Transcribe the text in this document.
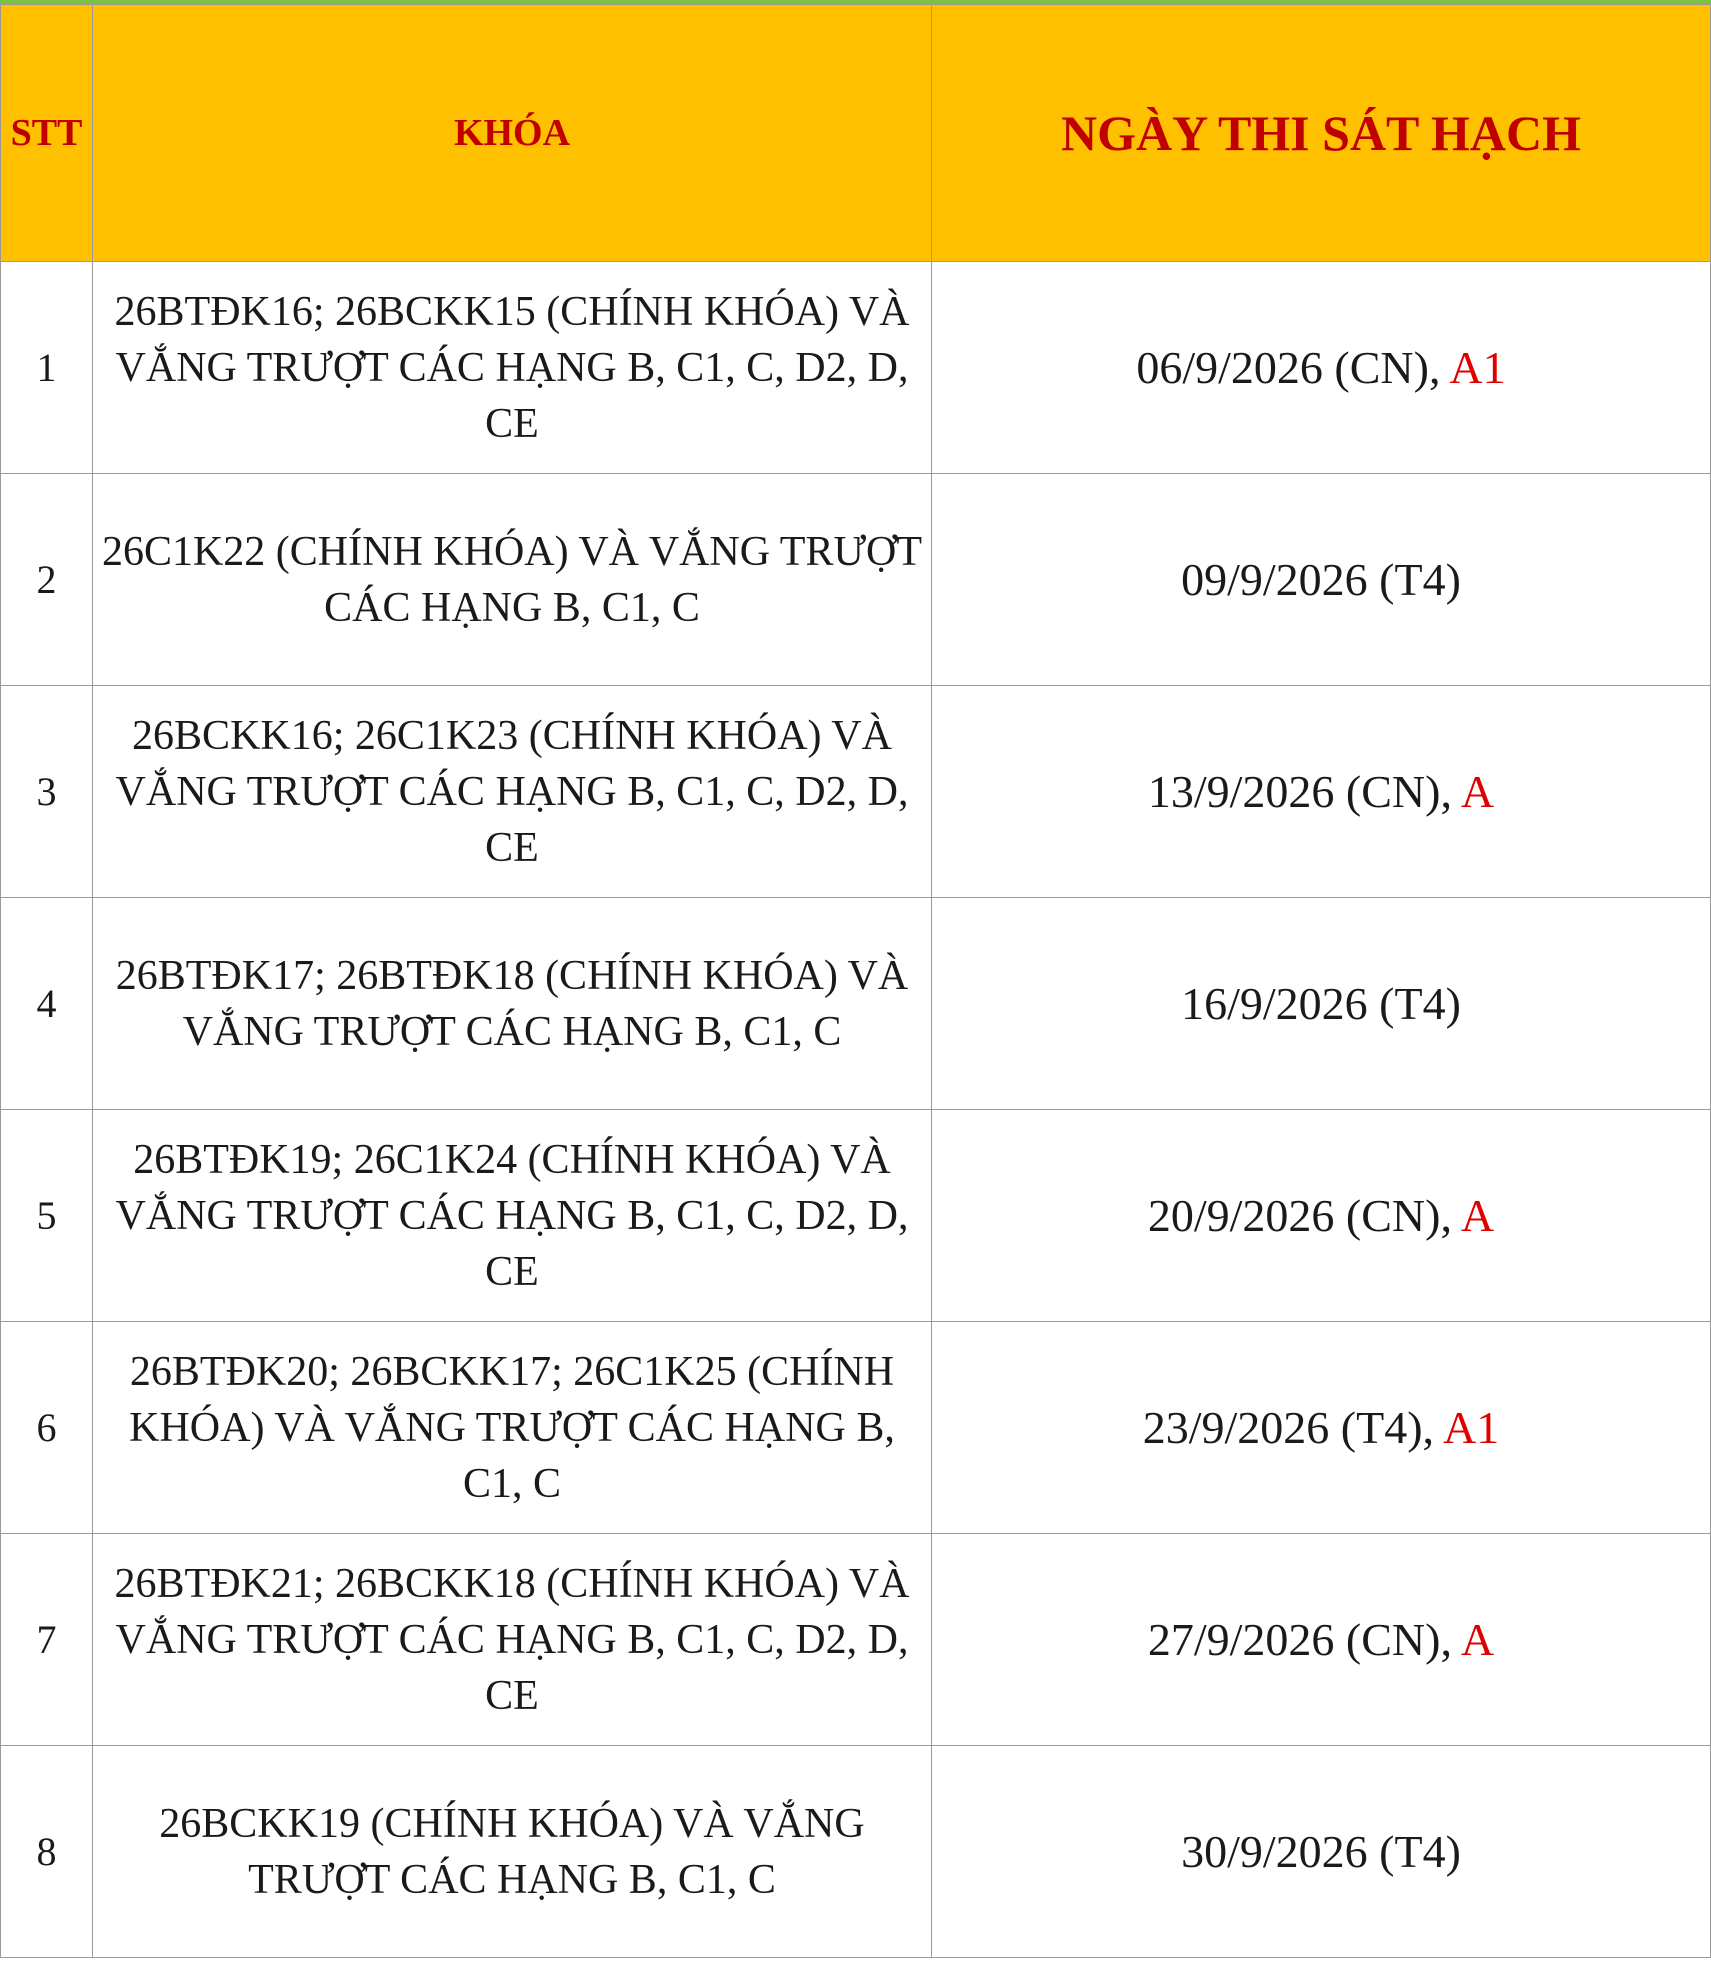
STT	KHÓA	NGÀY THI SÁT HẠCH
1	26BTĐK16; 26BCKK15 (CHÍNH KHÓA) VÀ VẮNG TRƯỢT CÁC HẠNG B, C1, C, D2, D, CE	06/9/2026 (CN), A1
2	26C1K22 (CHÍNH KHÓA) VÀ VẮNG TRƯỢT CÁC HẠNG B, C1, C	09/9/2026 (T4)
3	26BCKK16; 26C1K23 (CHÍNH KHÓA) VÀ VẮNG TRƯỢT CÁC HẠNG B, C1, C, D2, D, CE	13/9/2026 (CN), A
4	26BTĐK17; 26BTĐK18 (CHÍNH KHÓA) VÀ VẮNG TRƯỢT CÁC HẠNG B, C1, C	16/9/2026 (T4)
5	26BTĐK19; 26C1K24 (CHÍNH KHÓA) VÀ VẮNG TRƯỢT CÁC HẠNG B, C1, C, D2, D, CE	20/9/2026 (CN), A
6	26BTĐK20; 26BCKK17; 26C1K25 (CHÍNH KHÓA) VÀ VẮNG TRƯỢT CÁC HẠNG B, C1, C	23/9/2026 (T4), A1
7	26BTĐK21; 26BCKK18 (CHÍNH KHÓA) VÀ VẮNG TRƯỢT CÁC HẠNG B, C1, C, D2, D, CE	27/9/2026 (CN), A
8	26BCKK19 (CHÍNH KHÓA) VÀ VẮNG TRƯỢT CÁC HẠNG B, C1, C	30/9/2026 (T4)
